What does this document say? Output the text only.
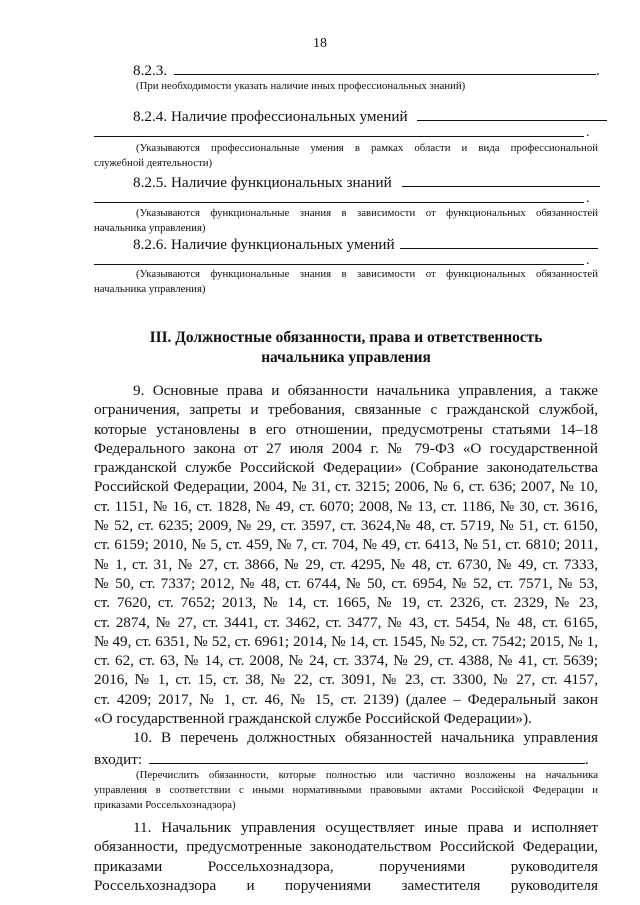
18
8.2.3.	.
(При необходимости указать наличие иных профессиональных знаний)
8.2.4. Наличие профессиональных умений
.
(Указываются профессиональные умения в рамках области и вида профессиональной
служебной деятельности)
8.2.5. Наличие функциональных знаний
.
(Указываются функциональные знания в зависимости от функциональных обязанностей
начальника управления)
8.2.6. Наличие функциональных умений
.
(Указываются функциональные знания в зависимости от функциональных обязанностей
начальника управления)
III. Должностные обязанности, права и ответственность
начальника управления
9. Основные права и обязанности начальника управления, а также
ограничения, запреты и требования, связанные с гражданской службой,
которые установлены в его отношении, предусмотрены статьями 14–18
Федерального закона от 27 июля 2004 г. № 79-ФЗ «О государственной
гражданской службе Российской Федерации» (Собрание законодательства
Российской Федерации, 2004, № 31, ст. 3215; 2006, № 6, ст. 636; 2007, № 10,
ст. 1151, № 16, ст. 1828, № 49, ст. 6070; 2008, № 13, ст. 1186, № 30, ст. 3616,
№ 52, ст. 6235; 2009, № 29, ст. 3597, ст. 3624,№ 48, ст. 5719, № 51, ст. 6150,
ст. 6159; 2010, № 5, ст. 459, № 7, ст. 704, № 49, ст. 6413, № 51, ст. 6810; 2011,
№ 1, ст. 31, № 27, ст. 3866, № 29, ст. 4295, № 48, ст. 6730, № 49, ст. 7333,
№ 50, ст. 7337; 2012, № 48, ст. 6744, № 50, ст. 6954, № 52, ст. 7571, № 53,
ст. 7620, ст. 7652; 2013, № 14, ст. 1665, № 19, ст. 2326, ст. 2329, № 23,
ст. 2874, № 27, ст. 3441, ст. 3462, ст. 3477, № 43, ст. 5454, № 48, ст. 6165,
№ 49, ст. 6351, № 52, ст. 6961; 2014, № 14, ст. 1545, № 52, ст. 7542; 2015, № 1,
ст. 62, ст. 63, № 14, ст. 2008, № 24, ст. 3374, № 29, ст. 4388, № 41, ст. 5639;
2016, № 1, ст. 15, ст. 38, № 22, ст. 3091, № 23, ст. 3300, № 27, ст. 4157,
ст. 4209; 2017, № 1, ст. 46, № 15, ст. 2139) (далее – Федеральный закон
«О государственной гражданской службе Российской Федерации»).
10. В перечень должностных обязанностей начальника управления
входит:	.
(Перечислить обязанности, которые полностью или частично возложены на начальника
управления в соответствии с иными нормативными правовыми актами Российской Федерации и
приказами Россельхознадзора)
11. Начальник управления осуществляет иные права и исполняет
обязанности, предусмотренные законодательством Российской Федерации,
приказами Россельхознадзора, поручениями руководителя
Россельхознадзора и поручениями заместителя руководителя
